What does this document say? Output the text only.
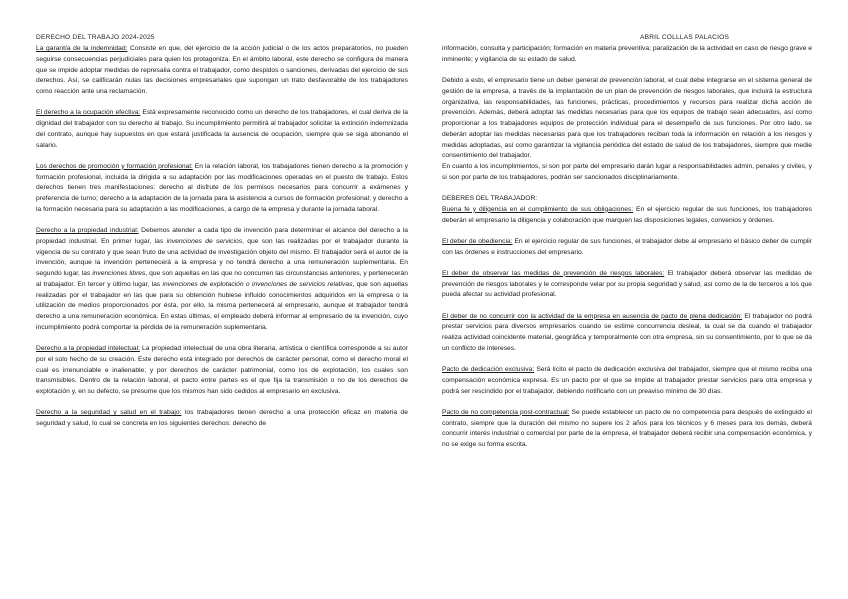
DERECHO DEL TRABAJO 2024-2025	ABRIL COLLLAS PALACIOS

La garantía de la indemnidad: Consiste en que, del ejercicio de la acción judicial o de los actos preparatorios, no pueden seguirse consecuencias perjudiciales para quien los protagoniza. En el ámbito laboral, este derecho se configura de manera que se impide adoptar medidas de represalia contra el trabajador, como despidos o sanciones, derivadas del ejercicio de sus derechos. Así, se calificarán nulas las decisiones empresariales que supongan un trato desfavorable de los trabajadores como reacción ante una reclamación.

El derecho a la ocupación efectiva: Está expresamente reconocido como un derecho de los trabajadores, el cual deriva de la dignidad del trabajador con su derecho al trabajo. Su incumplimiento permitirá al trabajador solicitar la extinción indemnizada del contrato, aunque hay supuestos en que estará justificada la ausencia de ocupación, siempre que se siga abonando el salario.

Los derechos de promoción y formación profesional: En la relación laboral, los trabajadores tienen derecho a la promoción y formación profesional, incluida la dirigida a su adaptación por las modificaciones operadas en el puesto de trabajo. Estos derechos tienen tres manifestaciones: derecho al disfrute de los permisos necesarios para concurrir a exámenes y preferencia de turno; derecho a la adaptación de la jornada para la asistencia a cursos de formación profesional; y derecho a la formación necesaria para su adaptación a las modificaciones, a cargo de la empresa y durante la jornada laboral.

Derecho a la propiedad industrial: Debemos atender a cada tipo de invención para determinar el alcance del derecho a la propiedad industrial. En primer lugar, las invenciones de servicios, que son las realizadas por el trabajador durante la vigencia de su contrato y que sean fruto de una actividad de investigación objeto del mismo. El trabajador será el autor de la invención, aunque la invención pertenecerá a la empresa y no tendrá derecho a una remuneración suplementaria. En segundo lugar, las invenciones libres, que son aquellas en las que no concurren las circunstancias anteriores, y pertenecerán al trabajador. En tercer y último lugar, las invenciones de explotación o invenciones de servicios relativas, que son aquellas realizadas por el trabajador en las que para su obtención hubiese influido conocimientos adquiridos en la empresa o la utilización de medios proporcionados por ésta, por ello, la misma pertenecerá al empresario, aunque el trabajador tendrá derecho a una remuneración económica. En estas últimas, el empleado deberá informar al empresario de la invención, cuyo incumplimiento podrá comportar la pérdida de la remuneración suplementaria.

Derecho a la propiedad intelectual: La propiedad intelectual de una obra literaria, artística o científica corresponde a su autor por el solo hecho de su creación. Este derecho está integrado por derechos de carácter personal, como el derecho moral el cual es irrenunciable e inalienable; y por derechos de carácter patrimonial, como los de explotación, los cuales son transmisibles. Dentro de la relación laboral, el pacto entre partes es el que fija la transmisión o no de los derechos de explotación y, en su defecto, se presume que los mismos han sido cedidos al empresario en exclusiva.

Derecho a la seguridad y salud en el trabajo: los trabajadores tienen derecho a una protección eficaz en materia de seguridad y salud, lo cual se concreta en los siguientes derechos: derecho de

información, consulta y participación; formación en materia preventiva; paralización de la actividad en caso de riesgo grave e inminente; y vigilancia de su estado de salud.

Debido a esto, el empresario tiene un deber general de prevención laboral, el cual debe integrarse en el sistema general de gestión de la empresa, a través de la implantación de un plan de prevención de riesgos laborales, que incluirá la estructura organizativa, las responsabilidades, las funciones, prácticas, procedimientos y recursos para realizar dicha acción de prevención. Además, deberá adoptar las medidas necesarias para que los equipos de trabajo sean adecuados, así como proporcionar a los trabajadores equipos de protección individual para el desempeño de sus funciones. Por otro lado, se deberán adoptar las medidas necesarias para que los trabajadores reciban toda la información en relación a los riesgos y medidas adoptadas, así como garantizar la vigilancia periódica del estado de salud de los trabajadores, siempre que medie consentimiento del trabajador.

En cuanto a los incumplimientos, si son por parte del empresario darán lugar a responsabilidades admin, penales y civiles, y si son por parte de los trabajadores, podrán ser sancionados disciplinariamente.

DEBERES DEL TRABAJADOR:

Buena fe y diligencia en el cumplimiento de sus obligaciones: En el ejercicio regular de sus funciones, los trabajadores deberán el empresario la diligencia y colaboración que marquen las disposiciones legales, convenios y órdenes.

El deber de obediencia: En el ejercicio regular de sus funciones, el trabajador debe al empresario el básico deber de cumplir con las órdenes e instrucciones del empresario.

El deber de observar las medidas de prevención de riesgos laborales: El trabajador deberá observar las medidas de prevención de riesgos laborales y le corresponde velar por su propia seguridad y salud, así como de la de terceros a los que pueda afectar su actividad profesional.

El deber de no concurrir con la actividad de la empresa en ausencia de pacto de plena dedicación: El trabajador no podrá prestar servicios para diversos empresarios cuando se estime concurrencia desleal, la cual se da cuando el trabajador realiza actividad coincidente material, geográfica y temporalmente con otra empresa, sin su consentimiento, por lo que se da un conflicto de intereses.

Pacto de dedicación exclusiva: Será lícito el pacto de dedicación exclusiva del trabajador, siempre que el mismo reciba una compensación económica expresa. Es un pacto por el que se impide al trabajador prestar servicios para otra empresa y podrá ser rescindido por el trabajador, debiendo notificarlo con un preaviso mínimo de 30 días.

Pacto de no competencia post-contractual: Se puede establecer un pacto de no competencia para después de extinguido el contrato, siempre que la duración del mismo no supere los 2 años para los técnicos y 6 meses para los demás, deberá concurrir interés industrial o comercial por parte de la empresa, el trabajador deberá recibir una compensación económica, y no se exige su forma escrita.
